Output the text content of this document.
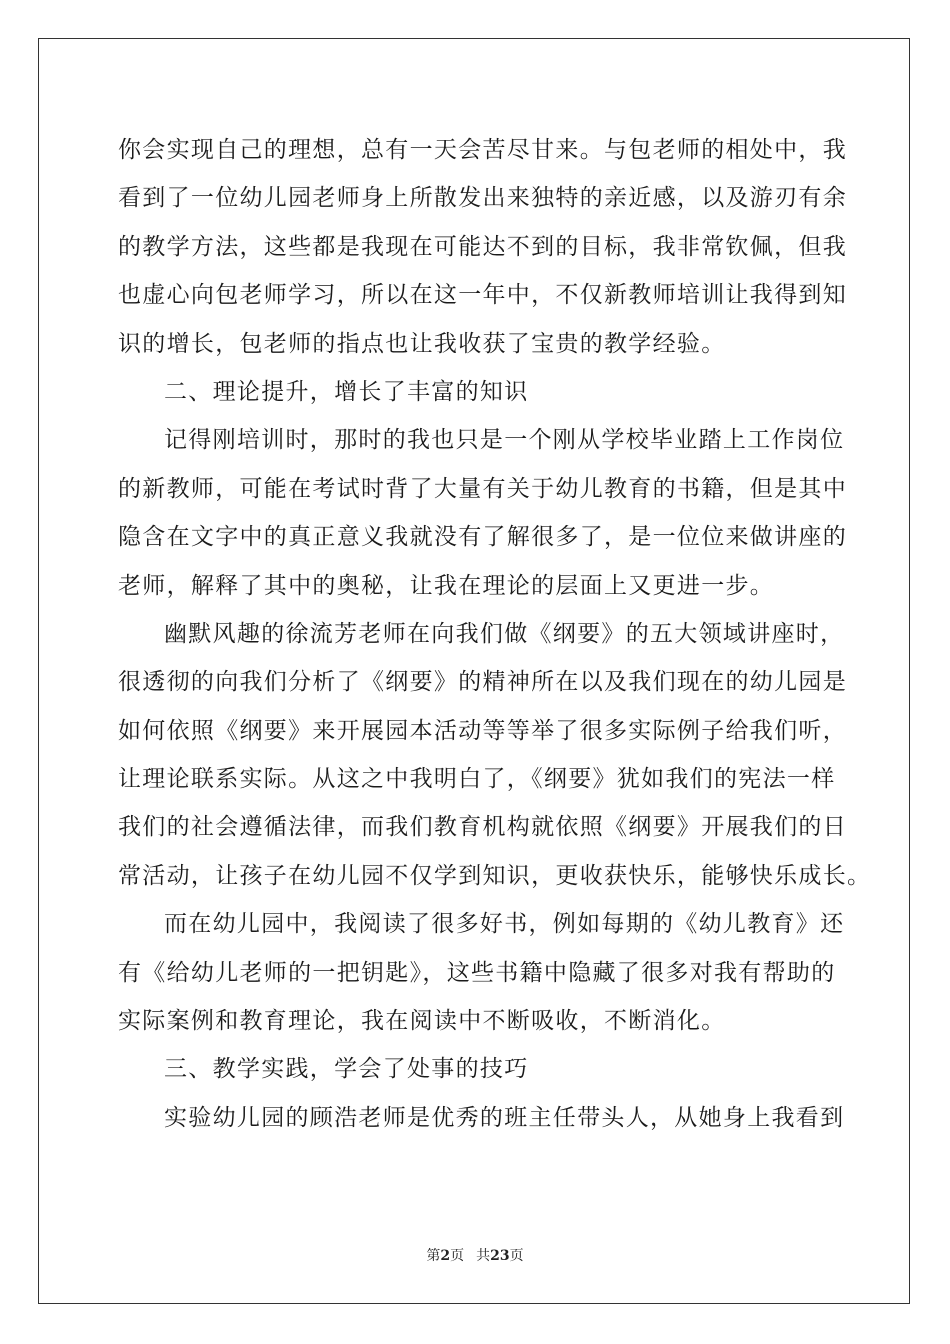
你会实现自己的理想，总有一天会苦尽甘来。与包老师的相处中，我
看到了一位幼儿园老师身上所散发出来独特的亲近感，以及游刃有余
的教学方法，这些都是我现在可能达不到的目标，我非常钦佩，但我
也虚心向包老师学习，所以在这一年中，不仅新教师培训让我得到知
识的增长，包老师的指点也让我收获了宝贵的教学经验。
二、理论提升，增长了丰富的知识
记得刚培训时，那时的我也只是一个刚从学校毕业踏上工作岗位
的新教师，可能在考试时背了大量有关于幼儿教育的书籍，但是其中
隐含在文字中的真正意义我就没有了解很多了，是一位位来做讲座的
老师，解释了其中的奥秘，让我在理论的层面上又更进一步。
幽默风趣的徐流芳老师在向我们做《纲要》的五大领域讲座时，
很透彻的向我们分析了《纲要》的精神所在以及我们现在的幼儿园是
如何依照《纲要》来开展园本活动等等举了很多实际例子给我们听，
让理论联系实际。从这之中我明白了，《纲要》犹如我们的宪法一样
我们的社会遵循法律，而我们教育机构就依照《纲要》开展我们的日
常活动，让孩子在幼儿园不仅学到知识，更收获快乐，能够快乐成长。
而在幼儿园中，我阅读了很多好书，例如每期的《幼儿教育》还
有《给幼儿老师的一把钥匙》，这些书籍中隐藏了很多对我有帮助的
实际案例和教育理论，我在阅读中不断吸收，不断消化。
三、教学实践，学会了处事的技巧
实验幼儿园的顾浩老师是优秀的班主任带头人，从她身上我看到
第2页 共23页
